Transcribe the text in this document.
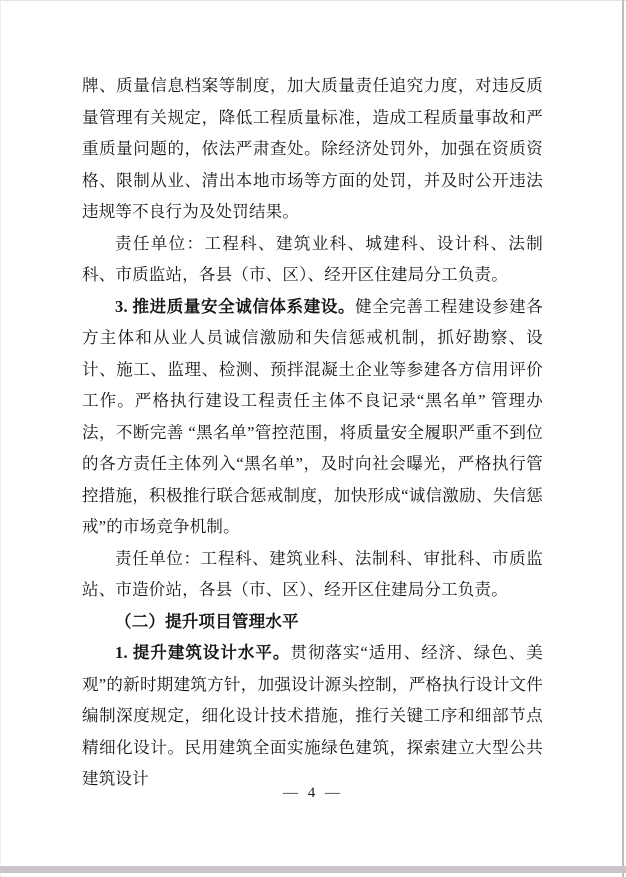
牌、质量信息档案等制度，加大质量责任追究力度，对违反质量管理有关规定，降低工程质量标准，造成工程质量事故和严重质量问题的，依法严肃查处。除经济处罚外，加强在资质资格、限制从业、清出本地市场等方面的处罚，并及时公开违法违规等不良行为及处罚结果。

责任单位：工程科、建筑业科、城建科、设计科、法制科、市质监站，各县（市、区）、经开区住建局分工负责。

3. 推进质量安全诚信体系建设。健全完善工程建设参建各方主体和从业人员诚信激励和失信惩戒机制，抓好勘察、设计、施工、监理、检测、预拌混凝土企业等参建各方信用评价工作。严格执行建设工程责任主体不良记录“黑名单” 管理办法，不断完善 “黑名单”管控范围，将质量安全履职严重不到位的各方责任主体列入“黑名单”，及时向社会曝光，严格执行管控措施，积极推行联合惩戒制度，加快形成“诚信激励、失信惩戒”的市场竞争机制。

责任单位：工程科、建筑业科、法制科、审批科、市质监站、市造价站，各县（市、区）、经开区住建局分工负责。

（二）提升项目管理水平

1. 提升建筑设计水平。贯彻落实“适用、经济、绿色、美观”的新时期建筑方针，加强设计源头控制，严格执行设计文件编制深度规定，细化设计技术措施，推行关键工序和细部节点精细化设计。民用建筑全面实施绿色建筑，探索建立大型公共建筑设计

— 4 —
